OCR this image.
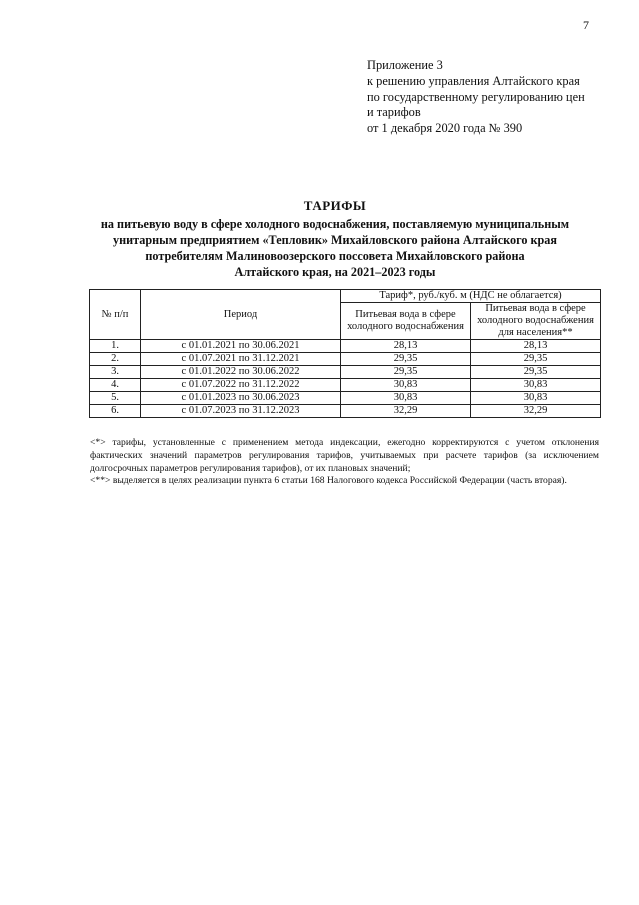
7
Приложение 3
к решению управления Алтайского края
по государственному регулированию цен
и тарифов
от 1 декабря 2020 года № 390
ТАРИФЫ
на питьевую воду в сфере холодного водоснабжения, поставляемую муниципальным
унитарным предприятием «Тепловик» Михайловского района Алтайского края
потребителям Малиновоозерского поссовета Михайловского района
Алтайского края, на 2021–2023 годы
№ п/п	Период	Тариф*, руб./куб. м (НДС не облагается)	
		Питьевая вода в сфере холодного водоснабжения	Питьевая вода в сфере холодного водоснабжения для населения**
1.	с 01.01.2021 по 30.06.2021	28,13	28,13
2.	с 01.07.2021 по 31.12.2021	29,35	29,35
3.	с 01.01.2022 по 30.06.2022	29,35	29,35
4.	с 01.07.2022 по 31.12.2022	30,83	30,83
5.	с 01.01.2023 по 30.06.2023	30,83	30,83
6.	с 01.07.2023 по 31.12.2023	32,29	32,29
<*> тарифы, установленные с применением метода индексации, ежегодно корректируются с учетом отклонения фактических значений параметров регулирования тарифов, учитываемых при расчете тарифов (за исключением долгосрочных параметров регулирования тарифов), от их плановых значений;
<**> выделяется в целях реализации пункта 6 статьи 168 Налогового кодекса Российской Федерации (часть вторая).
